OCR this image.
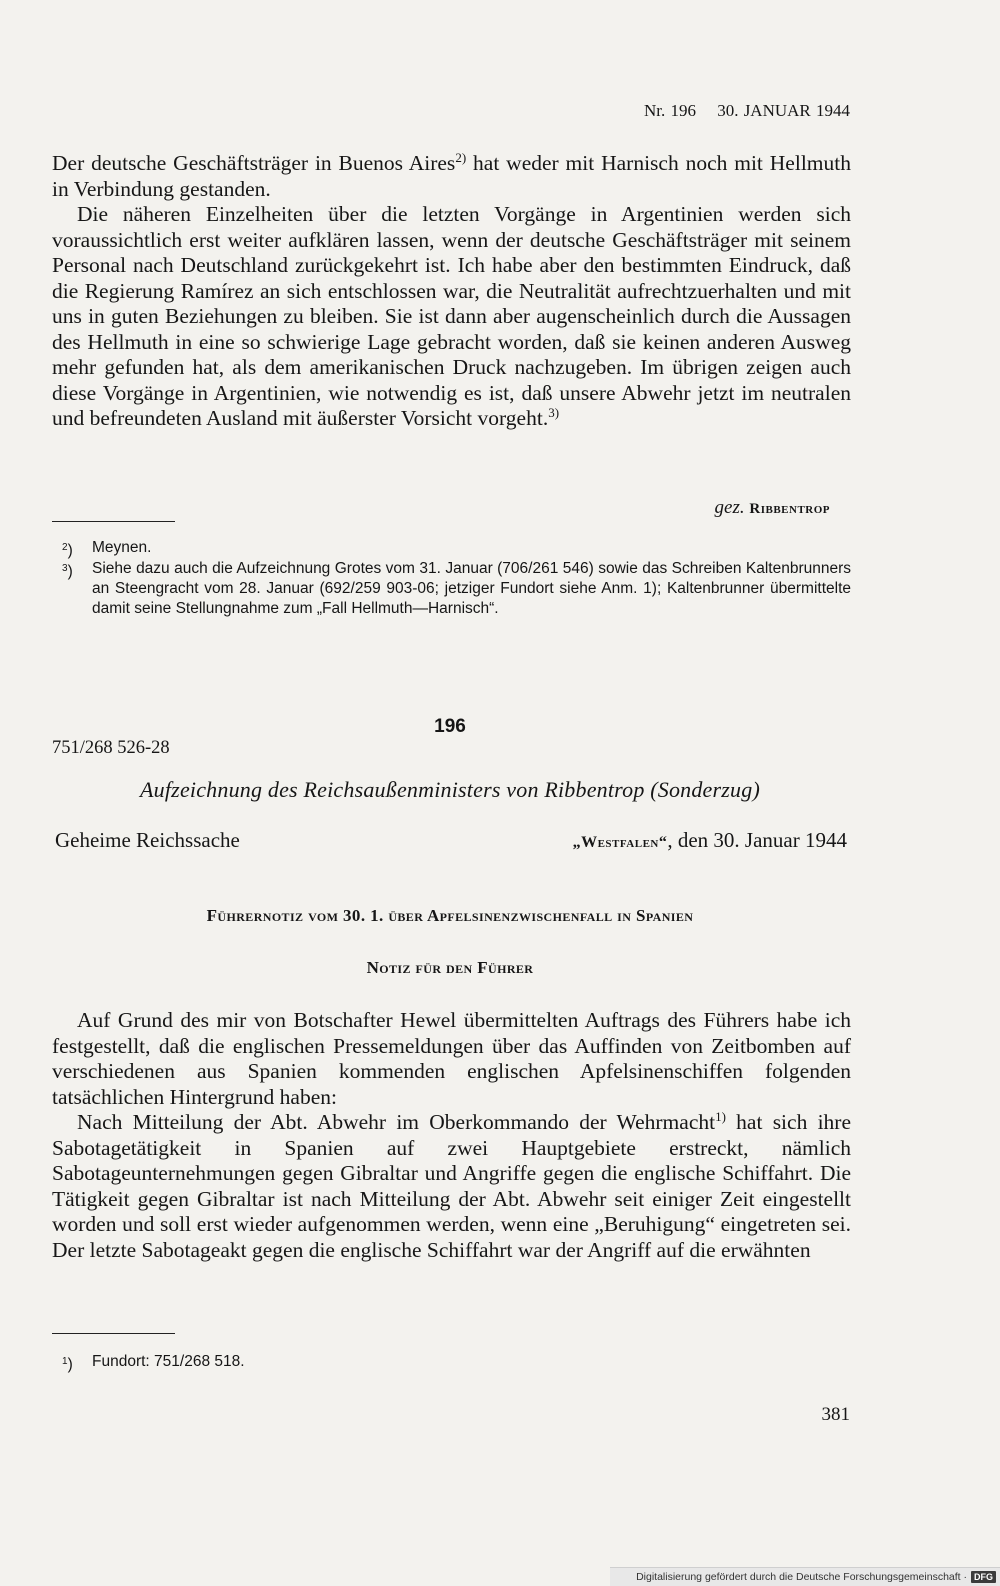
Nr. 196 30. JANUAR 1944

Der deutsche Geschäftsträger in Buenos Aires$^{2)}$ hat weder mit Harnisch noch mit Hellmuth in Verbindung gestanden.

Die näheren Einzelheiten über die letzten Vorgänge in Argentinien werden sich voraussichtlich erst weiter aufklären lassen, wenn der deutsche Geschäftsträger mit seinem Personal nach Deutschland zurückgekehrt ist. Ich habe aber den bestimmten Eindruck, daß die Regierung Ramírez an sich entschlossen war, die Neutralität aufrechtzuerhalten und mit uns in guten Beziehungen zu bleiben. Sie ist dann aber augenscheinlich durch die Aussagen des Hellmuth in eine so schwierige Lage gebracht worden, daß sie keinen anderen Ausweg mehr gefunden hat, als dem amerikanischen Druck nachzugeben. Im übrigen zeigen auch diese Vorgänge in Argentinien, wie notwendig es ist, daß unsere Abwehr jetzt im neutralen und befreundeten Ausland mit äußerster Vorsicht vorgeht.$^{3)}$

gez. Ribbentrop
$^2$) Meynen.
$^3$) Siehe dazu auch die Aufzeichnung Grotes vom 31. Januar (706/261 546) sowie das Schreiben Kaltenbrunners an Steengracht vom 28. Januar (692/259 903-06; jetziger Fundort siehe Anm. 1); Kaltenbrunner übermittelte damit seine Stellungnahme zum „Fall Hellmuth—Harnisch“.
196
751/268 526-28
Aufzeichnung des Reichsaußenministers von Ribbentrop (Sonderzug)
Geheime Reichssache	„Westfalen“, den 30. Januar 1944
Führernotiz vom 30. 1. über Apfelsinenzwischenfall in Spanien
Notiz für den Führer

Auf Grund des mir von Botschafter Hewel übermittelten Auftrags des Führers habe ich festgestellt, daß die englischen Pressemeldungen über das Auffinden von Zeitbomben auf verschiedenen aus Spanien kommenden englischen Apfelsinenschiffen folgenden tatsächlichen Hintergrund haben:

Nach Mitteilung der Abt. Abwehr im Oberkommando der Wehrmacht$^{1)}$ hat sich ihre Sabotagetätigkeit in Spanien auf zwei Hauptgebiete erstreckt, nämlich Sabotageunternehmungen gegen Gibraltar und Angriffe gegen die englische Schiffahrt. Die Tätigkeit gegen Gibraltar ist nach Mitteilung der Abt. Abwehr seit einiger Zeit eingestellt worden und soll erst wieder aufgenommen werden, wenn eine „Beruhigung“ eingetreten sei. Der letzte Sabotageakt gegen die englische Schiffahrt war der Angriff auf die erwähnten

$^1$) Fundort: 751/268 518.
381
Digitalisierung gefördert durch die Deutsche Forschungsgemeinschaft · DFG
